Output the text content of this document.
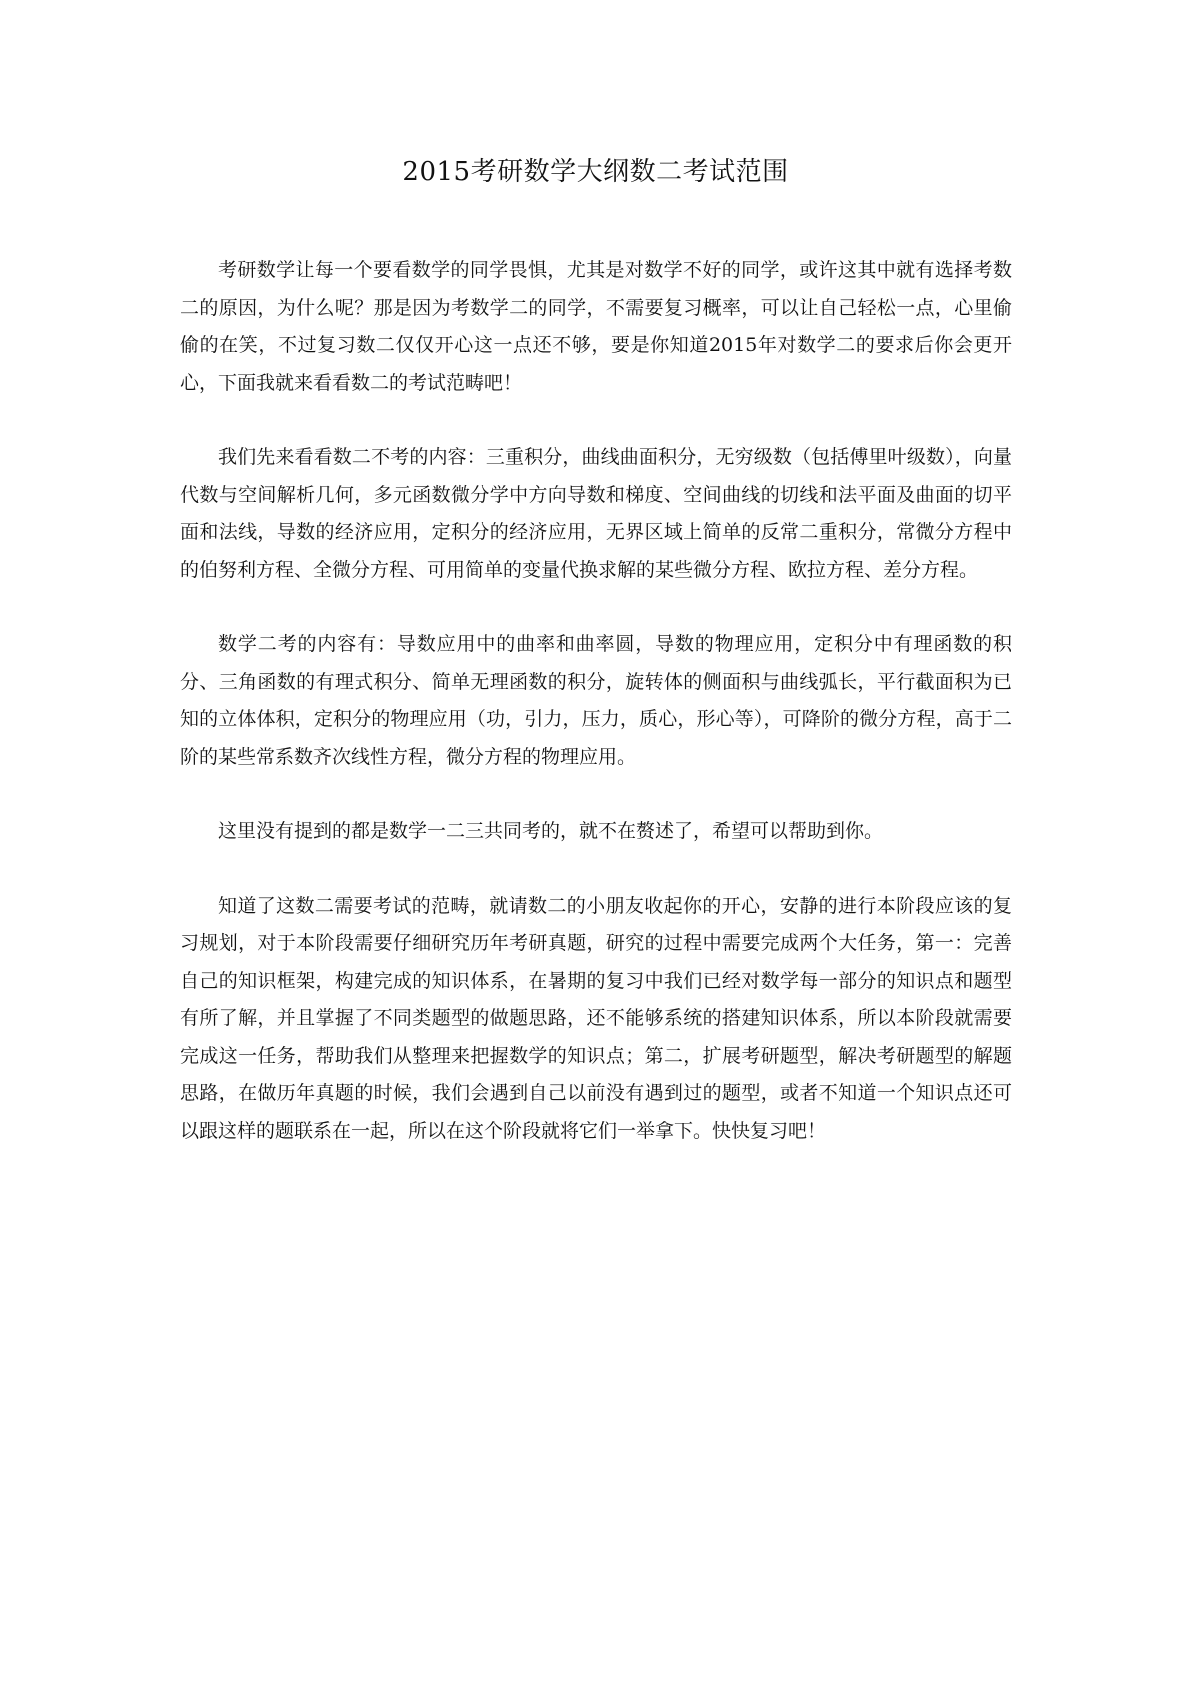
2015考研数学大纲数二考试范围

考研数学让每一个要看数学的同学畏惧，尤其是对数学不好的同学，或许这其中就有选择考数二的原因，为什么呢？那是因为考数学二的同学，不需要复习概率，可以让自己轻松一点，心里偷偷的在笑，不过复习数二仅仅开心这一点还不够，要是你知道2015年对数学二的要求后你会更开心，下面我就来看看数二的考试范畴吧！

我们先来看看数二不考的内容：三重积分，曲线曲面积分，无穷级数（包括傅里叶级数），向量代数与空间解析几何，多元函数微分学中方向导数和梯度、空间曲线的切线和法平面及曲面的切平面和法线，导数的经济应用，定积分的经济应用，无界区域上简单的反常二重积分，常微分方程中的伯努利方程、全微分方程、可用简单的变量代换求解的某些微分方程、欧拉方程、差分方程。

数学二考的内容有：导数应用中的曲率和曲率圆，导数的物理应用，定积分中有理函数的积分、三角函数的有理式积分、简单无理函数的积分，旋转体的侧面积与曲线弧长，平行截面积为已知的立体体积，定积分的物理应用（功，引力，压力，质心，形心等），可降阶的微分方程，高于二阶的某些常系数齐次线性方程，微分方程的物理应用。

这里没有提到的都是数学一二三共同考的，就不在赘述了，希望可以帮助到你。

知道了这数二需要考试的范畴，就请数二的小朋友收起你的开心，安静的进行本阶段应该的复习规划，对于本阶段需要仔细研究历年考研真题，研究的过程中需要完成两个大任务，第一：完善自己的知识框架，构建完成的知识体系，在暑期的复习中我们已经对数学每一部分的知识点和题型有所了解，并且掌握了不同类题型的做题思路，还不能够系统的搭建知识体系，所以本阶段就需要完成这一任务，帮助我们从整理来把握数学的知识点；第二，扩展考研题型，解决考研题型的解题思路，在做历年真题的时候，我们会遇到自己以前没有遇到过的题型，或者不知道一个知识点还可以跟这样的题联系在一起，所以在这个阶段就将它们一举拿下。快快复习吧！
